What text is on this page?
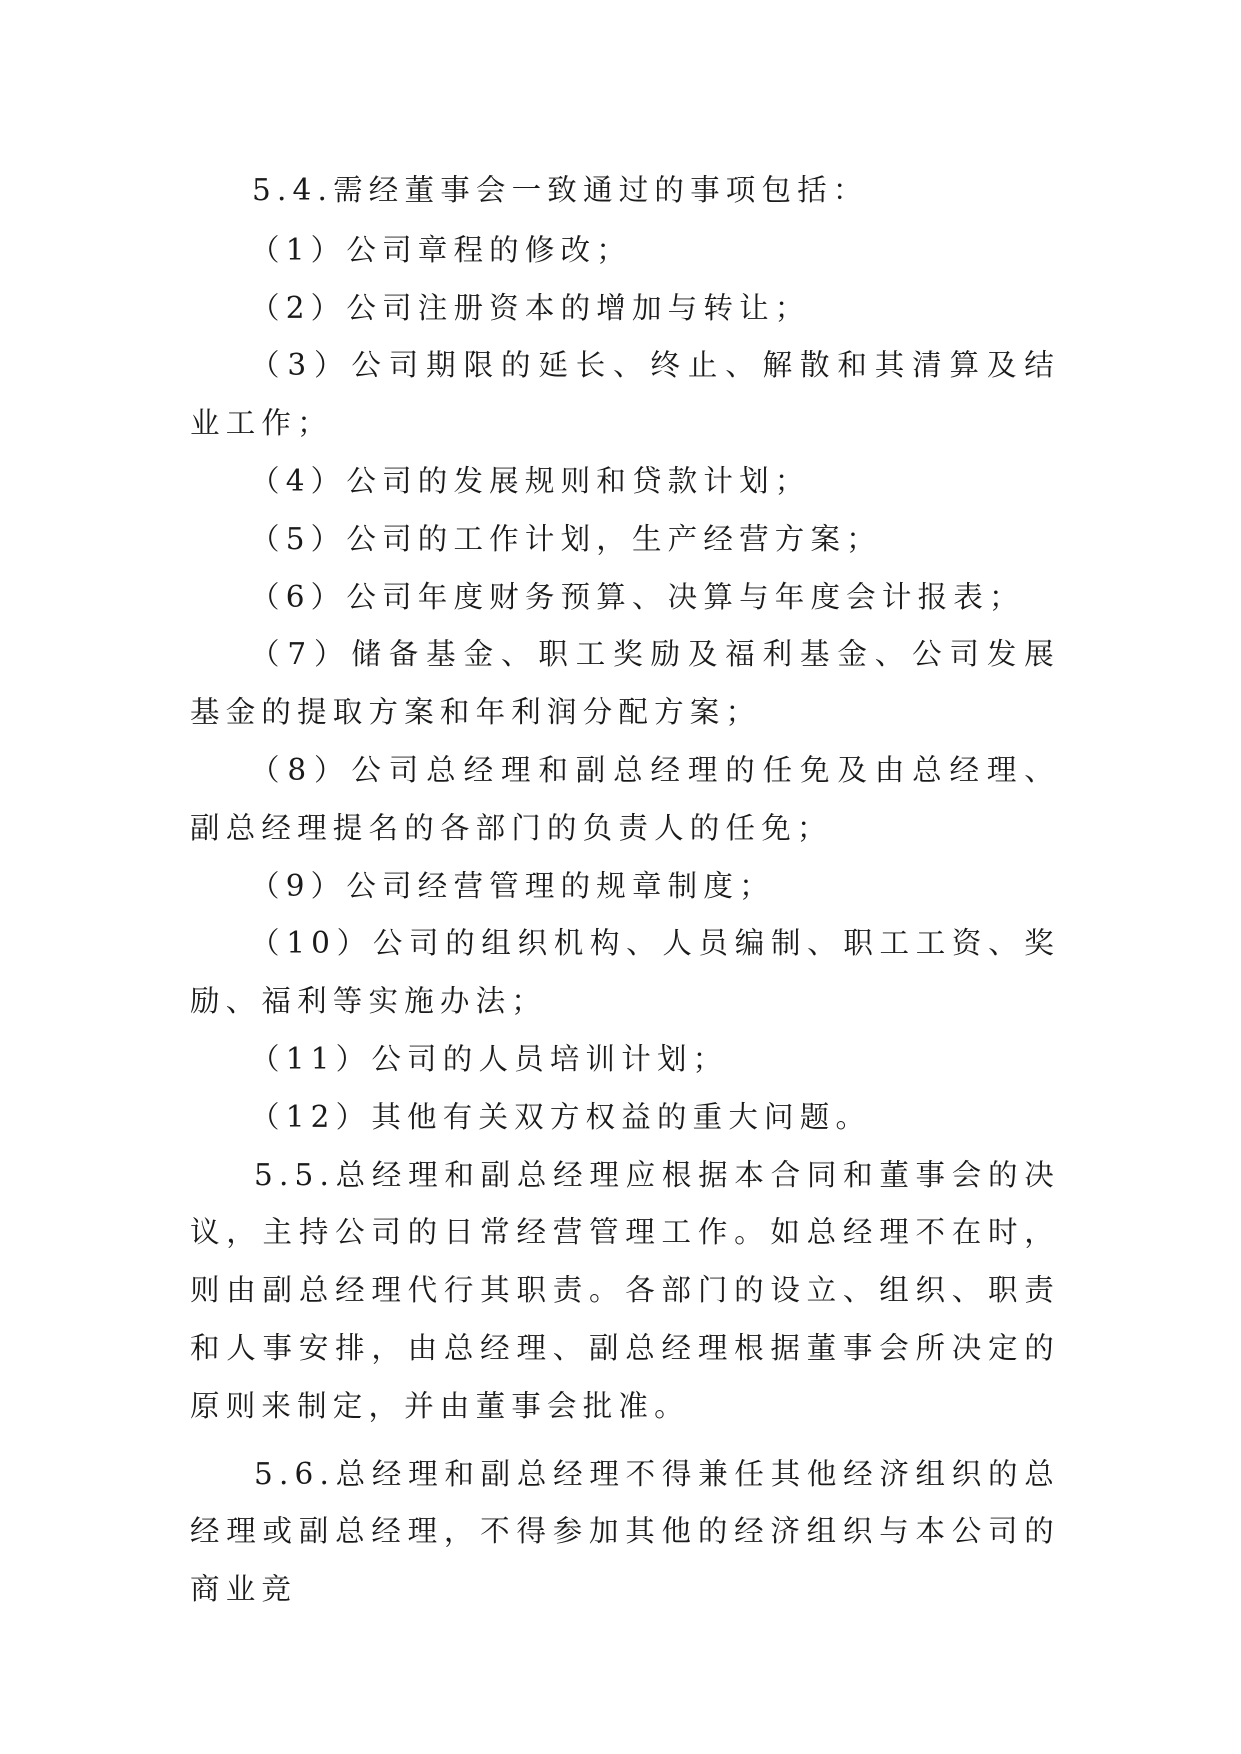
5.4.需经董事会一致通过的事项包括：

（1）公司章程的修改；

（2）公司注册资本的增加与转让；

（3）公司期限的延长、终止、解散和其清算及结业工作；

（4）公司的发展规则和贷款计划；

（5）公司的工作计划，生产经营方案；

（6）公司年度财务预算、决算与年度会计报表；

（7）储备基金、职工奖励及福利基金、公司发展基金的提取方案和年利润分配方案；

（8）公司总经理和副总经理的任免及由总经理、副总经理提名的各部门的负责人的任免；

（9）公司经营管理的规章制度；

（10）公司的组织机构、人员编制、职工工资、奖励、福利等实施办法；

（11）公司的人员培训计划；

（12）其他有关双方权益的重大问题。

5.5.总经理和副总经理应根据本合同和董事会的决议，主持公司的日常经营管理工作。如总经理不在时，则由副总经理代行其职责。各部门的设立、组织、职责和人事安排，由总经理、副总经理根据董事会所决定的原则来制定，并由董事会批准。

5.6.总经理和副总经理不得兼任其他经济组织的总经理或副总经理，不得参加其他的经济组织与本公司的商业竞
